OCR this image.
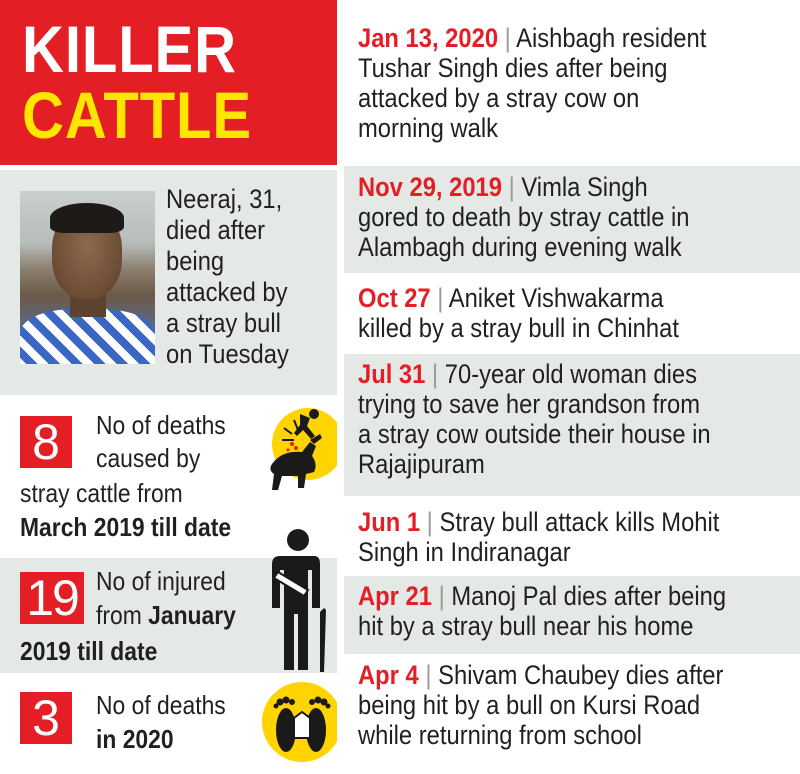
KILLER
CATTLE
Neeraj, 31,
died after
being
attacked by
a stray bull
on Tuesday
8	No of deaths
caused by
stray cattle from
March 2019 till date
19 No of injured
from January
2019 till date
3	No of deaths
in 2020
Jan 13, 2020 | Aishbagh resident
Tushar Singh dies after being
attacked by a stray cow on
morning walk
Nov 29, 2019 | Vimla Singh
gored to death by stray cattle in
Alambagh during evening walk
Oct 27 | Aniket Vishwakarma
killed by a stray bull in Chinhat
Jul 31 | 70-year old woman dies
trying to save her grandson from
a stray cow outside their house in
Rajajipuram
Jun 1 | Stray bull attack kills Mohit
Singh in Indiranagar
Apr 21 | Manoj Pal dies after being
hit by a stray bull near his home
Apr 4 | Shivam Chaubey dies after
being hit by a bull on Kursi Road
while returning from school
